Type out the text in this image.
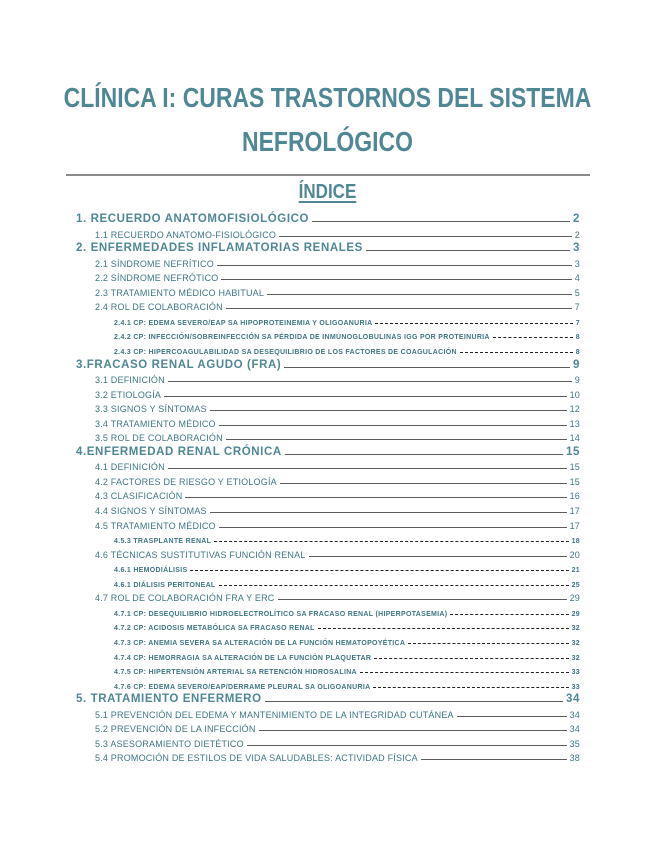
CLÍNICA I: CURAS TRASTORNOS DEL SISTEMA
NEFROLÓGICO
ÍNDICE
1. RECUERDO ANATOMOFISIOLÓGICO	2
1.1 RECUERDO ANATOMO-FISIOLÓGICO	2
2. ENFERMEDADES INFLAMATORIAS RENALES	3
2.1 SÍNDROME NEFRÍTICO	3
2.2 SÍNDROME NEFRÓTICO	4
2.3 TRATAMIENTO MÉDICO HABITUAL	5
2.4 ROL DE COLABORACIÓN	7
2.4.1 CP: EDEMA SEVERO/EAP SA HIPOPROTEINEMIA Y OLIGOANURIA	7
2.4.2 CP: INFECCIÓN/SOBREINFECCIÓN SA PÉRDIDA DE INMUNOGLOBULINAS IGG POR PROTEINURIA	8
2.4.3 CP: HIPERCOAGULABILIDAD SA DESEQUILIBRIO DE LOS FACTORES DE COAGULACIÓN	8
3.FRACASO RENAL AGUDO (FRA)	9
3.1 DEFINICIÓN	9
3.2 ETIOLOGÍA	10
3.3 SIGNOS Y SÍNTOMAS	12
3.4 TRATAMIENTO MÉDICO	13
3.5 ROL DE COLABORACIÓN	14
4.ENFERMEDAD RENAL CRÓNICA	15
4.1 DEFINICIÓN	15
4.2 FACTORES DE RIESGO Y ETIOLOGÍA	15
4.3 CLASIFICACIÓN	16
4.4 SIGNOS Y SÍNTOMAS	17
4.5 TRATAMIENTO MÉDICO	17
4.5.3 TRASPLANTE RENAL	18
4.6 TÉCNICAS SUSTITUTIVAS FUNCIÓN RENAL	20
4.6.1 HEMODIÁLISIS	21
4.6.1 DIÁLISIS PERITONEAL	25
4.7 ROL DE COLABORACIÓN FRA Y ERC	29
4.7.1 CP: DESEQUILIBRIO HIDROELECTROLÍTICO SA FRACASO RENAL (HIPERPOTASEMIA)	29
4.7.2 CP: ACIDOSIS METABÓLICA SA FRACASO RENAL	32
4.7.3 CP: ANEMIA SEVERA SA ALTERACIÓN DE LA FUNCIÓN HEMATOPOYÉTICA	32
4.7.4 CP: HEMORRAGIA SA ALTERACIÓN DE LA FUNCIÓN PLAQUETAR	32
4.7.5 CP: HIPERTENSIÓN ARTERIAL SA RETENCIÓN HIDROSALINA	33
4.7.6 CP: EDEMA SEVERO/EAP/DERRAME PLEURAL SA OLIGOANURIA	33
5. TRATAMIENTO ENFERMERO	34
5.1 PREVENCIÓN DEL EDEMA Y MANTENIMIENTO DE LA INTEGRIDAD CUTÁNEA	34
5.2 PREVENCIÓN DE LA INFECCIÓN	34
5.3 ASESORAMIENTO DIETÉTICO	35
5.4 PROMOCIÓN DE ESTILOS DE VIDA SALUDABLES: ACTIVIDAD FÍSICA	38
